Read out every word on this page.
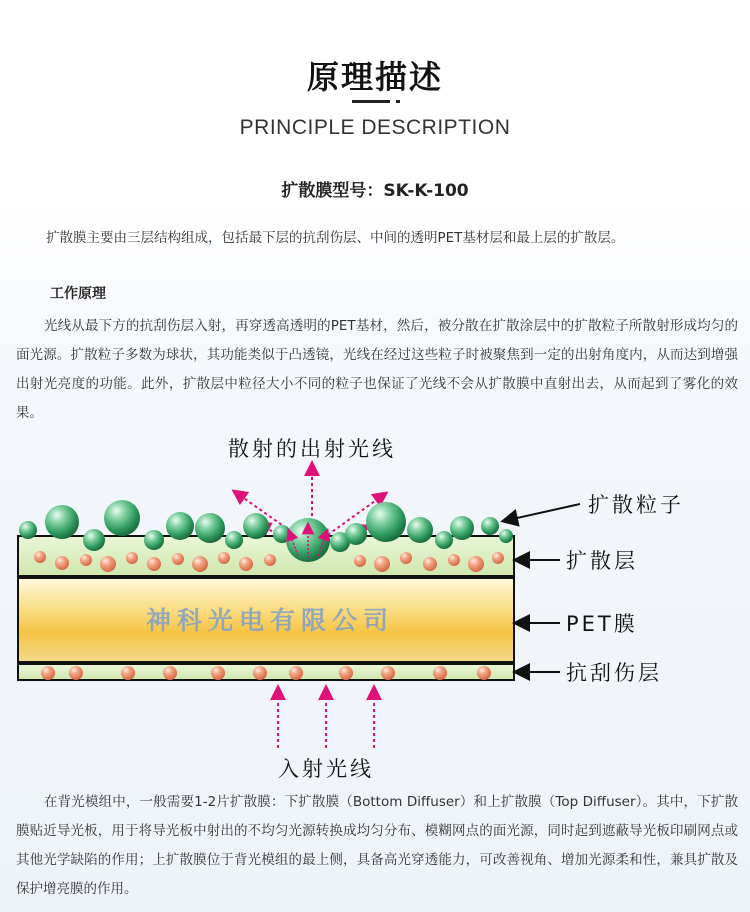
原理描述
PRINCIPLE DESCRIPTION
扩散膜型号：SK-K-100
扩散膜主要由三层结构组成，包括最下层的抗刮伤层、中间的透明PET基材层和最上层的扩散层。
工作原理

光线从最下方的抗刮伤层入射，再穿透高透明的PET基材，然后，被分散在扩散涂层中的扩散粒子所散射形成均匀的面光源。扩散粒子多数为球状，其功能类似于凸透镜，光线在经过这些粒子时被聚焦到一定的出射角度内，从而达到增强出射光亮度的功能。此外，扩散层中粒径大小不同的粒子也保证了光线不会从扩散膜中直射出去，从而起到了雾化的效果。

散射的出射光线
神科光电有限公司
入射光线
扩散粒子
扩散层
PET膜
抗刮伤层

在背光模组中，一般需要1-2片扩散膜：下扩散膜（Bottom Diffuser）和上扩散膜（Top Diffuser）。其中，下扩散膜贴近导光板，用于将导光板中射出的不均匀光源转换成均匀分布、模糊网点的面光源，同时起到遮蔽导光板印刷网点或其他光学缺陷的作用；上扩散膜位于背光模组的最上侧，具备高光穿透能力，可改善视角、增加光源柔和性，兼具扩散及保护增亮膜的作用。
